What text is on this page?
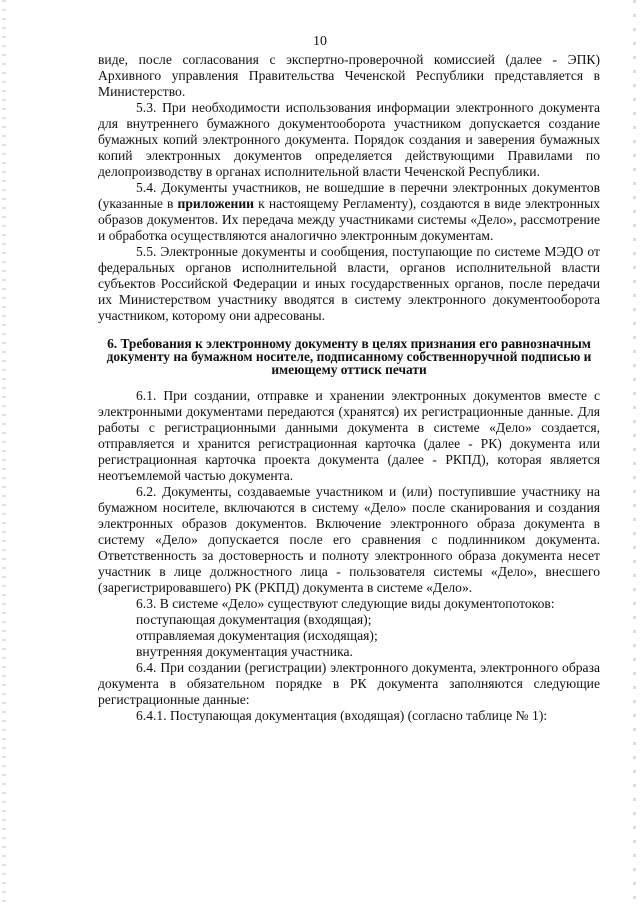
10

виде, после согласования с экспертно-проверочной комиссией (далее - ЭПК) Архивного управления Правительства Чеченской Республики представляется в Министерство.

5.3. При необходимости использования информации электронного документа для внутреннего бумажного документооборота участником допускается создание бумажных копий электронного документа. Порядок создания и заверения бумажных копий электронных документов определяется действующими Правилами по делопроизводству в органах исполнительной власти Чеченской Республики.

5.4. Документы участников, не вошедшие в перечни электронных документов (указанные в приложении к настоящему Регламенту), создаются в виде электронных образов документов. Их передача между участниками системы «Дело», рассмотрение и обработка осуществляются аналогично электронным документам.

5.5. Электронные документы и сообщения, поступающие по системе МЭДО от федеральных органов исполнительной власти, органов исполнительной власти субъектов Российской Федерации и иных государственных органов, после передачи их Министерством участнику вводятся в систему электронного документооборота участником, которому они адресованы.

6. Требования к электронному документу в целях признания его равнозначным документу на бумажном носителе, подписанному собственноручной подписью и имеющему оттиск печати

6.1. При создании, отправке и хранении электронных документов вместе с электронными документами передаются (хранятся) их регистрационные данные. Для работы с регистрационными данными документа в системе «Дело» создается, отправляется и хранится регистрационная карточка (далее - РК) документа или регистрационная карточка проекта документа (далее - РКПД), которая является неотъемлемой частью документа.

6.2. Документы, создаваемые участником и (или) поступившие участнику на бумажном носителе, включаются в систему «Дело» после сканирования и создания электронных образов документов. Включение электронного образа документа в систему «Дело» допускается после его сравнения с подлинником документа. Ответственность за достоверность и полноту электронного образа документа несет участник в лице должностного лица - пользователя системы «Дело», внесшего (зарегистрировавшего) РК (РКПД) документа в системе «Дело».

6.3. В системе «Дело» существуют следующие виды документопотоков:

поступающая документация (входящая);

отправляемая документация (исходящая);

внутренняя документация участника.

6.4. При создании (регистрации) электронного документа, электронного образа документа в обязательном порядке в РК документа заполняются следующие регистрационные данные:

6.4.1. Поступающая документация (входящая) (согласно таблице № 1):
